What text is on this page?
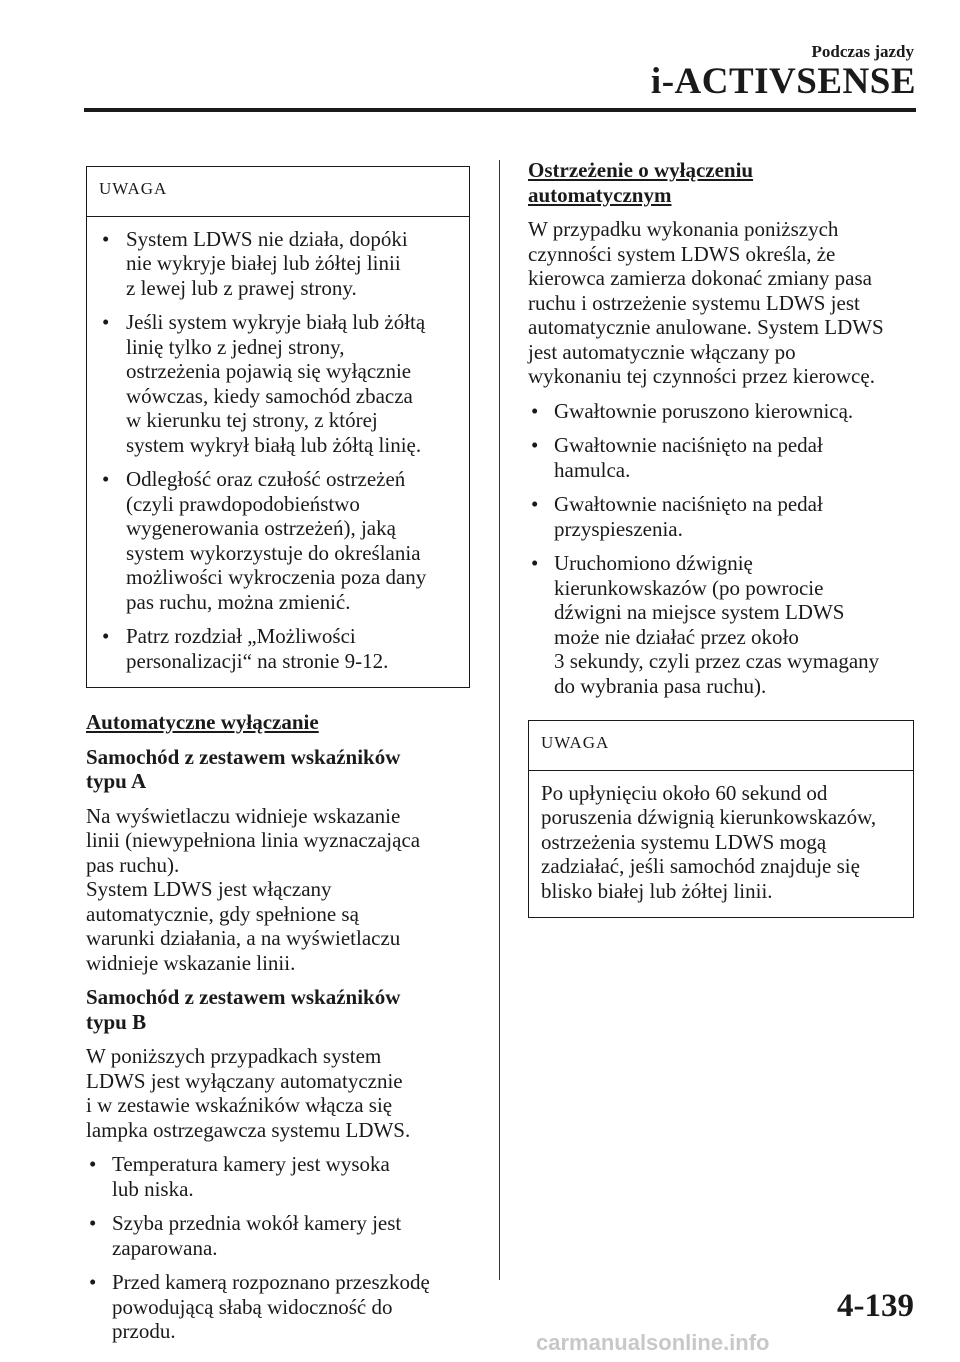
Podczas jazdy
i-ACTIVSENSE
UWAGA
• System LDWS nie działa, dopóki
nie wykryje białej lub żółtej linii
z lewej lub z prawej strony.
• Jeśli system wykryje białą lub żółtą
linię tylko z jednej strony,
ostrzeżenia pojawią się wyłącznie
wówczas, kiedy samochód zbacza
w kierunku tej strony, z której
system wykrył białą lub żółtą linię.
• Odległość oraz czułość ostrzeżeń
(czyli prawdopodobieństwo
wygenerowania ostrzeżeń), jaką
system wykorzystuje do określania
możliwości wykroczenia poza dany
pas ruchu, można zmienić.
• Patrz rozdział „Możliwości
personalizacji“ na stronie 9-12.
Automatyczne wyłączanie
Samochód z zestawem wskaźników
typu A

Na wyświetlaczu widnieje wskazanie
linii (niewypełniona linia wyznaczająca
pas ruchu).
System LDWS jest włączany
automatycznie, gdy spełnione są
warunki działania, a na wyświetlaczu
widnieje wskazanie linii.

Samochód z zestawem wskaźników
typu B

W poniższych przypadkach system
LDWS jest wyłączany automatycznie
i w zestawie wskaźników włącza się
lampka ostrzegawcza systemu LDWS.

• Temperatura kamery jest wysoka
lub niska.
• Szyba przednia wokół kamery jest
zaparowana.
• Przed kamerą rozpoznano przeszkodę
powodującą słabą widoczność do
przodu.
Ostrzeżenie o wyłączeniu
automatycznym

W przypadku wykonania poniższych
czynności system LDWS określa, że
kierowca zamierza dokonać zmiany pasa
ruchu i ostrzeżenie systemu LDWS jest
automatycznie anulowane. System LDWS
jest automatycznie włączany po
wykonaniu tej czynności przez kierowcę.

• Gwałtownie poruszono kierownicą.
• Gwałtownie naciśnięto na pedał
hamulca.
• Gwałtownie naciśnięto na pedał
przyspieszenia.
• Uruchomiono dźwignię
kierunkowskazów (po powrocie
dźwigni na miejsce system LDWS
może nie działać przez około
3 sekundy, czyli przez czas wymagany
do wybrania pasa ruchu).
UWAGA
Po upłynięciu około 60 sekund od
poruszenia dźwignią kierunkowskazów,
ostrzeżenia systemu LDWS mogą
zadziałać, jeśli samochód znajduje się
blisko białej lub żółtej linii.
4-139
carmanualsonline.info
